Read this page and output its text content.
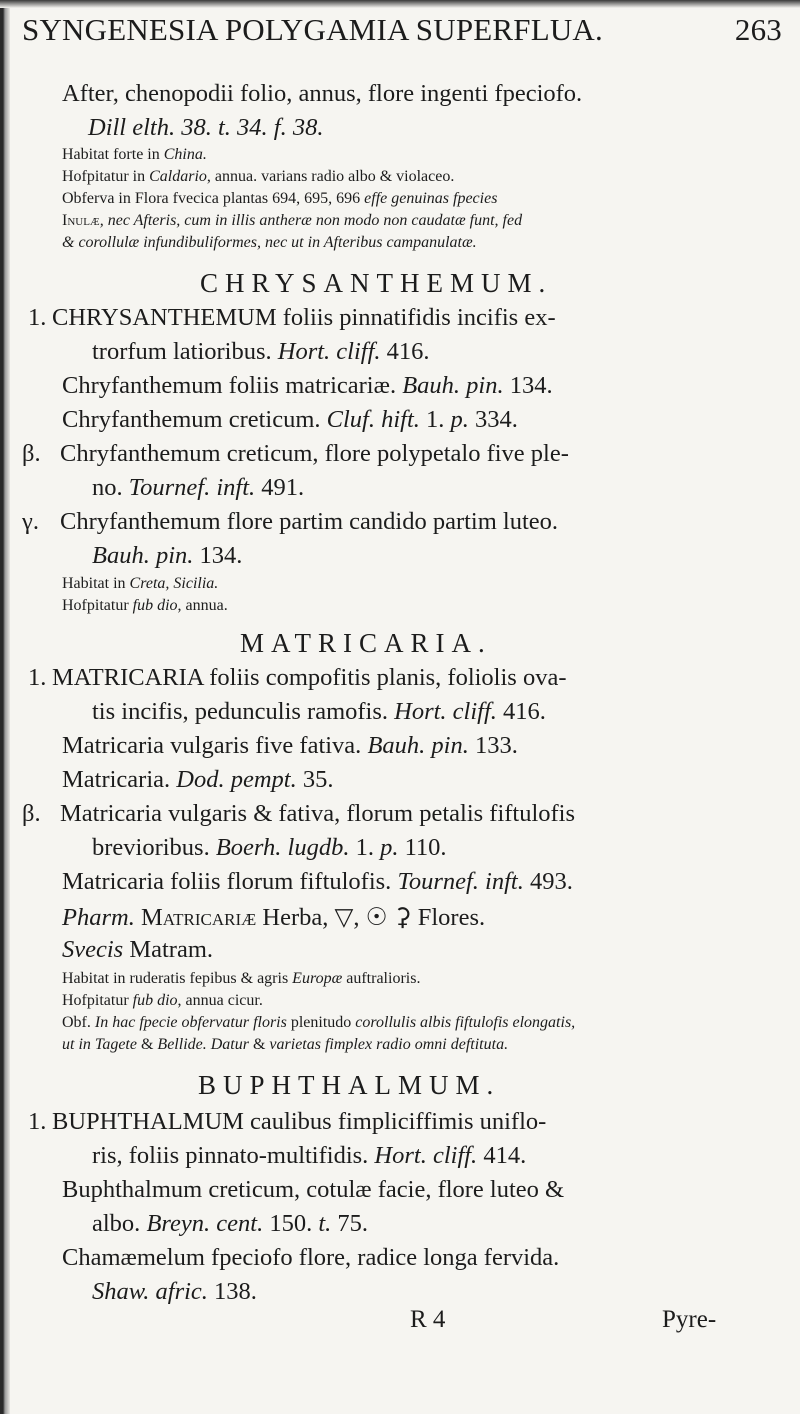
SYNGENESIA POLYGAMIA SUPERFLUA.	263
After, chenopodii folio, annus, flore ingenti fpeciofo.
Dill elth. 38. t. 34. f. 38.
Habitat forte in China.
Hofpitatur in Caldario, annua. varians radio albo & violaceo.
Obferva in Flora fvecica plantas 694, 695, 696 effe genuinas fpecies
Inulæ, nec Afteris, cum in illis antheræ non modo non caudatæ funt, fed
& corollulæ infundibuliformes, nec ut in Afteribus campanulatæ.
CHRYSANTHEMUM.
1. CHRYSANTHEMUM foliis pinnatifidis incifis ex-
trorfum latioribus. Hort. cliff. 416.
Chryfanthemum foliis matricariæ. Bauh. pin. 134.
Chryfanthemum creticum. Cluf. hift. 1. p. 334.
β. Chryfanthemum creticum, flore polypetalo five ple-
no. Tournef. inft. 491.
γ. Chryfanthemum flore partim candido partim luteo.
Bauh. pin. 134.
Habitat in Creta, Sicilia.
Hofpitatur fub dio, annua.
MATRICARIA.
1. MATRICARIA foliis compofitis planis, foliolis ova-
tis incifis, pedunculis ramofis. Hort. cliff. 416.
Matricaria vulgaris five fativa. Bauh. pin. 133.
Matricaria. Dod. pempt. 35.
β. Matricaria vulgaris & fativa, florum petalis fiftulofis
brevioribus. Boerh. lugdb. 1. p. 110.
Matricaria foliis florum fiftulofis. Tournef. inft. 493.
Pharm. Matricariæ Herba, ▽, ☉ ⚳ Flores.
Svecis Matram.
Habitat in ruderatis fepibus & agris Europæ auftralioris.
Hofpitatur fub dio, annua cicur.
Obf. In hac fpecie obfervatur floris plenitudo corollulis albis fiftulofis elongatis,
ut in Tagete & Bellide. Datur & varietas fimplex radio omni deftituta.
BUPHTHALMUM.
1. BUPHTHALMUM caulibus fimpliciffimis uniflo-
ris, foliis pinnato-multifidis. Hort. cliff. 414.
Buphthalmum creticum, cotulæ facie, flore luteo &
albo. Breyn. cent. 150. t. 75.
Chamæmelum fpeciofo flore, radice longa fervida.
Shaw. afric. 138.
R 4	Pyre-
